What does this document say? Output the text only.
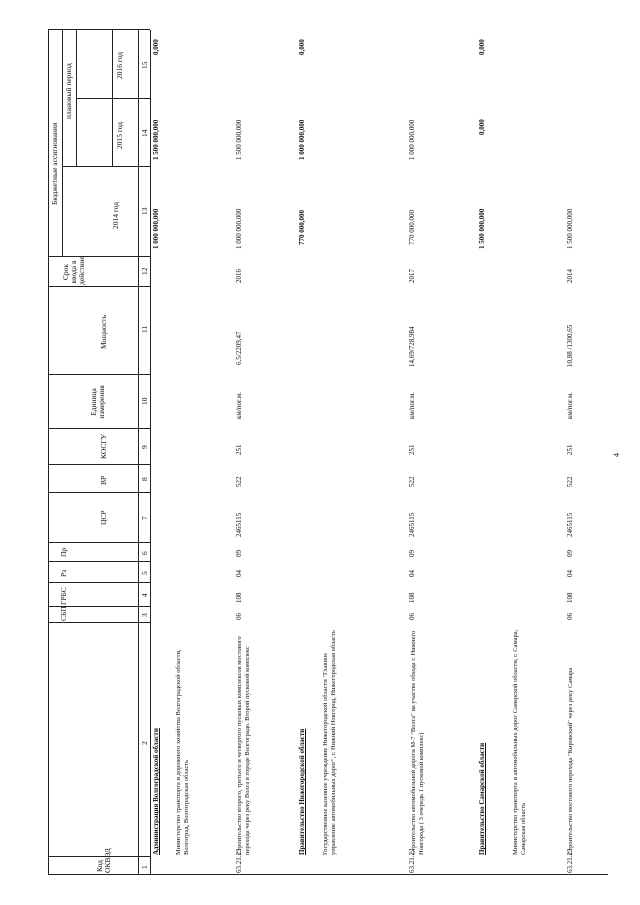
Код ОКВЭД
СБП
ГРБС
Рз
Пр
ЦСР
ВР
КОСГУ
Единица измерения
Мощность
Срок ввода в действие
Бюджетные ассигнования
2014 год
плановый период
2015 год
2016 год
1
2
3
4
5
6
7
8
9
10
11
12
13
14
15
Администрация Волгоградской области
1 000 000,000
1 500 000,000
0,000
Министерство транспорта и дорожного хозяйства Волгоградской области, Волгоград, Волгоградская область
63.21.23
Строительство второго, третьего и четвертого пусковых комплексов мостового перехода через реку Волга в городе Волгограде. Второй пусковой комплекс
06
108
04
09
2465115
522
251
км/пог.м.
6,5/2209,47
2016
1 000 000,000
1 500 000,000
Правительство Нижегородской области
770 000,000
1 000 000,000
0,000
Государственное казенное учреждение Нижегородской области "Главное управление автомобильных дорог", г. Нижний Новгород, Нижегородская область
63.21.22
Строительство автомобильной дороги М-7 "Волга" на участке обхода г. Нижнего Новгорода ( 3 очередь 1 пусковой комплекс)
06
108
04
09
2465115
522
251
км/пог.м.
14,69/728,984
2017
770 000,000
1 000 000,000
Правительство Самарской области
1 500 000,000
0,000
0,000
Министерство транспорта и автомобильных дорог Самарской области, г. Самара, Самарская область
63.21.23
Строительство мостового перехода "Кировский" через реку Самара
06
108
04
09
2465115
522
251
км/пог.м.
10,88 /1300,65
2014
1 500 000,000
4
